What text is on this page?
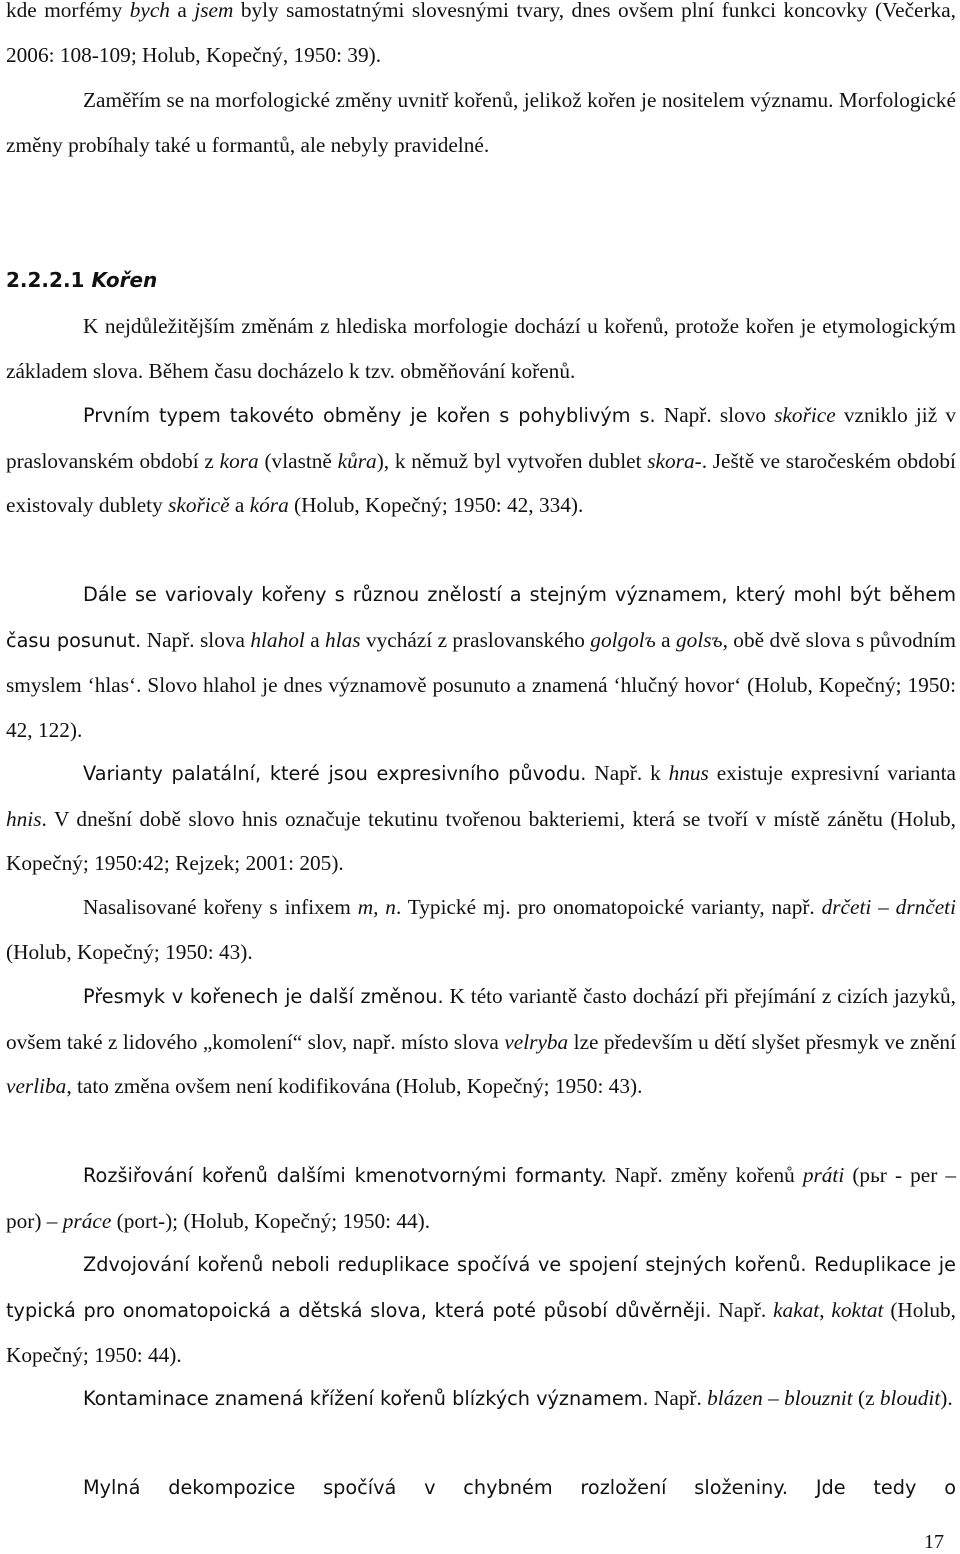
kde morfémy bych a jsem byly samostatnými slovesnými tvary, dnes ovšem plní funkci koncovky (Večerka, 2006: 108-109; Holub, Kopečný, 1950: 39).

Zaměřím se na morfologické změny uvnitř kořenů, jelikož kořen je nositelem významu. Morfologické změny probíhaly také u formantů, ale nebyly pravidelné.

2.2.2.1 Kořen

K nejdůležitějším změnám z hlediska morfologie dochází u kořenů, protože kořen je etymologickým základem slova. Během času docházelo k tzv. obměňování kořenů.

Prvním typem takovéto obměny je kořen s pohyblivým s. Např. slovo skořice vzniklo již v praslovanském období z kora (vlastně kůra), k němuž byl vytvořen dublet skora-. Ještě ve staročeském období existovaly dublety skořicě a kóra (Holub, Kopečný; 1950: 42, 334).

Dále se variovaly kořeny s různou znělostí a stejným významem, který mohl být během času posunut. Např. slova hlahol a hlas vychází z praslovanského golgolъ a golsъ, obě dvě slova s původním smyslem ‘hlas‘. Slovo hlahol je dnes významově posunuto a znamená ‘hlučný hovor‘ (Holub, Kopečný; 1950: 42, 122).

Varianty palatální, které jsou expresivního původu. Např. k hnus existuje expresivní varianta hnis. V dnešní době slovo hnis označuje tekutinu tvořenou bakteriemi, která se tvoří v místě zánětu (Holub, Kopečný; 1950:42; Rejzek; 2001: 205).

Nasalisované kořeny s infixem m, n. Typické mj. pro onomatopoické varianty, např. drčeti – drnčeti (Holub, Kopečný; 1950: 43).

Přesmyk v kořenech je další změnou. K této variantě často dochází při přejímání z cizích jazyků, ovšem také z lidového „komolení“ slov, např. místo slova velryba lze především u dětí slyšet přesmyk ve znění verliba, tato změna ovšem není kodifikována (Holub, Kopečný; 1950: 43).

Rozšiřování kořenů dalšími kmenotvornými formanty. Např. změny kořenů práti (рьr - per – por) – práce (port-); (Holub, Kopečný; 1950: 44).

Zdvojování kořenů neboli reduplikace spočívá ve spojení stejných kořenů. Reduplikace je typická pro onomatopoická a dětská slova, která poté působí důvěrněji. Např. kakat, koktat (Holub, Kopečný; 1950: 44).

Kontaminace znamená křížení kořenů blízkých významem. Např. blázen – blouznit (z bloudit).

Mylná dekompozice spočívá v chybném rozložení složeniny. Jde tedy o

17
